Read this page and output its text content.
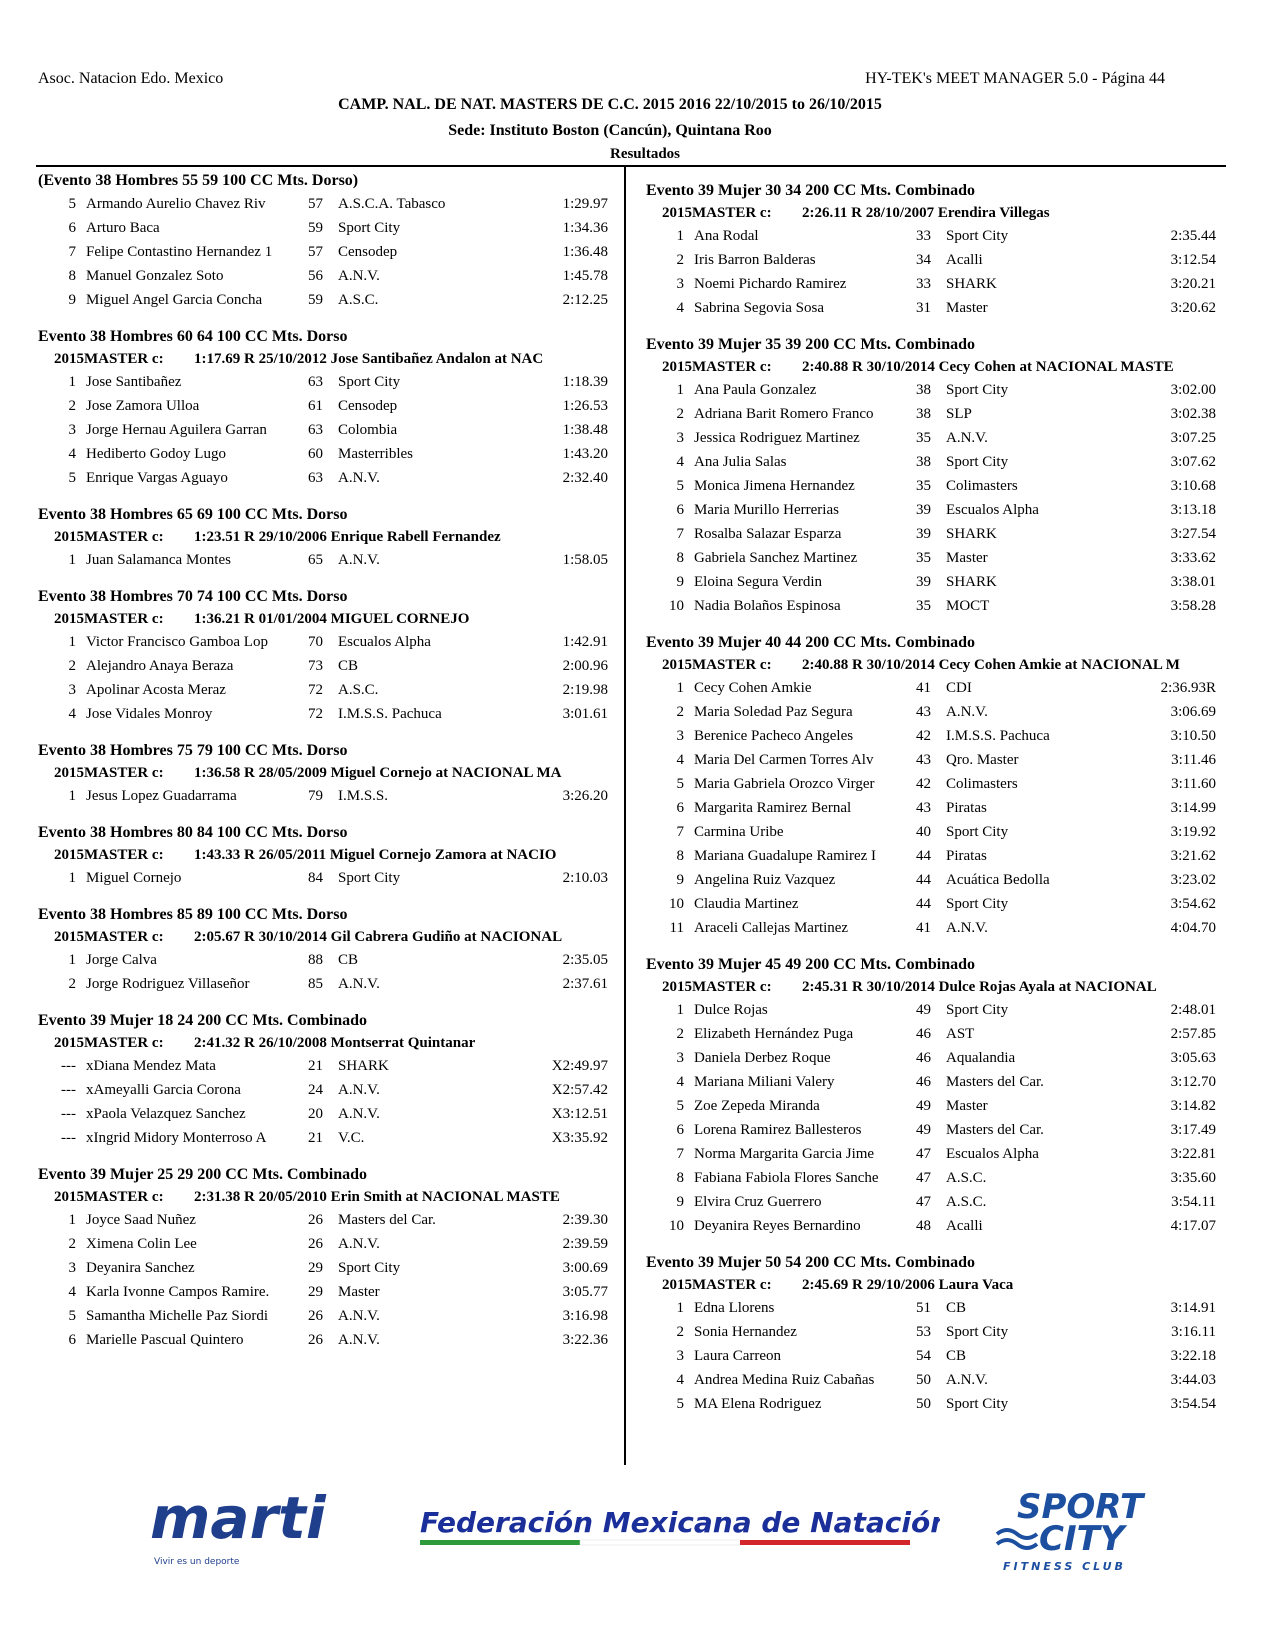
Asoc. Natacion Edo. Mexico	HY-TEK's MEET MANAGER 5.0 - Página 44
CAMP. NAL. DE NAT. MASTERS DE C.C. 2015 2016 22/10/2015 to 26/10/2015
Sede: Instituto Boston (Cancún), Quintana Roo
Resultados
(Evento 38 Hombres 55 59 100 CC Mts. Dorso)
5 Armando Aurelio Chavez Riv	57	A.S.C.A. Tabasco	1:29.97
6 Arturo Baca	59	Sport City	1:34.36
7 Felipe Contastino Hernandez 1	57	Censodep	1:36.48
8 Manuel Gonzalez Soto	56	A.N.V.	1:45.78
9 Miguel Angel Garcia Concha	59	A.S.C.	2:12.25
Evento 38 Hombres 60 64 100 CC Mts. Dorso
2015MASTER c: 1:17.69 R 25/10/2012 Jose Santibañez Andalon at NAC
1 Jose Santibañez	63	Sport City	1:18.39
2 Jose Zamora Ulloa	61	Censodep	1:26.53
3 Jorge Hernau Aguilera Garran	63	Colombia	1:38.48
4 Hediberto Godoy Lugo	60	Masterribles	1:43.20
5 Enrique Vargas Aguayo	63	A.N.V.	2:32.40
Evento 38 Hombres 65 69 100 CC Mts. Dorso
2015MASTER c: 1:23.51 R 29/10/2006 Enrique Rabell Fernandez
1 Juan Salamanca Montes	65	A.N.V.	1:58.05
Evento 38 Hombres 70 74 100 CC Mts. Dorso
2015MASTER c: 1:36.21 R 01/01/2004 MIGUEL CORNEJO
1 Victor Francisco Gamboa Lop	70	Escualos Alpha	1:42.91
2 Alejandro Anaya Beraza	73	CB	2:00.96
3 Apolinar Acosta Meraz	72	A.S.C.	2:19.98
4 Jose Vidales Monroy	72	I.M.S.S. Pachuca	3:01.61
Evento 38 Hombres 75 79 100 CC Mts. Dorso
2015MASTER c: 1:36.58 R 28/05/2009 Miguel Cornejo at NACIONAL MA
1 Jesus Lopez Guadarrama	79	I.M.S.S.	3:26.20
Evento 38 Hombres 80 84 100 CC Mts. Dorso
2015MASTER c: 1:43.33 R 26/05/2011 Miguel Cornejo Zamora at NACIO
1 Miguel Cornejo	84	Sport City	2:10.03
Evento 38 Hombres 85 89 100 CC Mts. Dorso
2015MASTER c: 2:05.67 R 30/10/2014 Gil Cabrera Gudiño at NACIONAL
1 Jorge Calva	88	CB	2:35.05
2 Jorge Rodriguez Villaseñor	85	A.N.V.	2:37.61
Evento 39 Mujer 18 24 200 CC Mts. Combinado
2015MASTER c: 2:41.32 R 26/10/2008 Montserrat Quintanar
--- xDiana Mendez Mata	21	SHARK	X2:49.97
--- xAmeyalli Garcia Corona	24	A.N.V.	X2:57.42
--- xPaola Velazquez Sanchez	20	A.N.V.	X3:12.51
--- xIngrid Midory Monterroso A	21	V.C.	X3:35.92
Evento 39 Mujer 25 29 200 CC Mts. Combinado
2015MASTER c: 2:31.38 R 20/05/2010 Erin Smith at NACIONAL MASTE
1 Joyce Saad Nuñez	26	Masters del Car.	2:39.30
2 Ximena Colin Lee	26	A.N.V.	2:39.59
3 Deyanira Sanchez	29	Sport City	3:00.69
4 Karla Ivonne Campos Ramire.	29	Master	3:05.77
5 Samantha Michelle Paz Siordi	26	A.N.V.	3:16.98
6 Marielle Pascual Quintero	26	A.N.V.	3:22.36
Evento 39 Mujer 30 34 200 CC Mts. Combinado
2015MASTER c: 2:26.11 R 28/10/2007 Erendira Villegas
1 Ana Rodal	33	Sport City	2:35.44
2 Iris Barron Balderas	34	Acalli	3:12.54
3 Noemi Pichardo Ramirez	33	SHARK	3:20.21
4 Sabrina Segovia Sosa	31	Master	3:20.62
Evento 39 Mujer 35 39 200 CC Mts. Combinado
2015MASTER c: 2:40.88 R 30/10/2014 Cecy Cohen at NACIONAL MASTE
1 Ana Paula Gonzalez	38	Sport City	3:02.00
2 Adriana Barit Romero Franco	38	SLP	3:02.38
3 Jessica Rodriguez Martinez	35	A.N.V.	3:07.25
4 Ana Julia Salas	38	Sport City	3:07.62
5 Monica Jimena Hernandez	35	Colimasters	3:10.68
6 Maria Murillo Herrerias	39	Escualos Alpha	3:13.18
7 Rosalba Salazar Esparza	39	SHARK	3:27.54
8 Gabriela Sanchez Martinez	35	Master	3:33.62
9 Eloina Segura Verdin	39	SHARK	3:38.01
10 Nadia Bolaños Espinosa	35	MOCT	3:58.28
Evento 39 Mujer 40 44 200 CC Mts. Combinado
2015MASTER c: 2:40.88 R 30/10/2014 Cecy Cohen Amkie at NACIONAL M
1 Cecy Cohen Amkie	41	CDI	2:36.93R
2 Maria Soledad Paz Segura	43	A.N.V.	3:06.69
3 Berenice Pacheco Angeles	42	I.M.S.S. Pachuca	3:10.50
4 Maria Del Carmen Torres Alv	43	Qro. Master	3:11.46
5 Maria Gabriela Orozco Virger	42	Colimasters	3:11.60
6 Margarita Ramirez Bernal	43	Piratas	3:14.99
7 Carmina Uribe	40	Sport City	3:19.92
8 Mariana Guadalupe Ramirez I	44	Piratas	3:21.62
9 Angelina Ruiz Vazquez	44	Acuática Bedolla	3:23.02
10 Claudia Martinez	44	Sport City	3:54.62
11 Araceli Callejas Martinez	41	A.N.V.	4:04.70
Evento 39 Mujer 45 49 200 CC Mts. Combinado
2015MASTER c: 2:45.31 R 30/10/2014 Dulce Rojas Ayala at NACIONAL
1 Dulce Rojas	49	Sport City	2:48.01
2 Elizabeth Hernández Puga	46	AST	2:57.85
3 Daniela Derbez Roque	46	Aqualandia	3:05.63
4 Mariana Miliani Valery	46	Masters del Car.	3:12.70
5 Zoe Zepeda Miranda	49	Master	3:14.82
6 Lorena Ramirez Ballesteros	49	Masters del Car.	3:17.49
7 Norma Margarita Garcia Jime	47	Escualos Alpha	3:22.81
8 Fabiana Fabiola Flores Sanche	47	A.S.C.	3:35.60
9 Elvira Cruz Guerrero	47	A.S.C.	3:54.11
10 Deyanira Reyes Bernardino	48	Acalli	4:17.07
Evento 39 Mujer 50 54 200 CC Mts. Combinado
2015MASTER c: 2:45.69 R 29/10/2006 Laura Vaca
1 Edna Llorens	51	CB	3:14.91
2 Sonia Hernandez	53	Sport City	3:16.11
3 Laura Carreon	54	CB	3:22.18
4 Andrea Medina Ruiz Cabañas	50	A.N.V.	3:44.03
5 MA Elena Rodriguez	50	Sport City	3:54.54
marti
Vivir es un deporte
Federación Mexicana de Natación SPORT
CITY
FITNESS CLUB
